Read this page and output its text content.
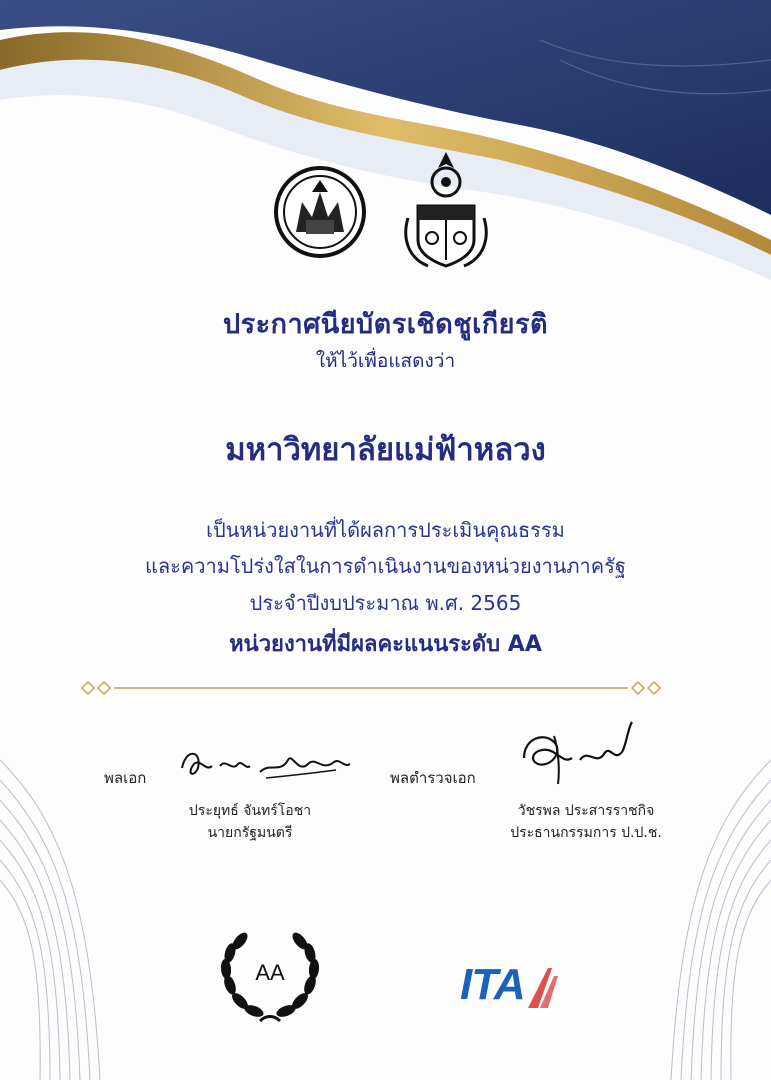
ประกาศนียบัตรเชิดชูเกียรติ
ให้ไว้เพื่อแสดงว่า
มหาวิทยาลัยแม่ฟ้าหลวง
เป็นหน่วยงานที่ได้ผลการประเมินคุณธรรม
และความโปร่งใสในการดำเนินงานของหน่วยงานภาครัฐ
ประจำปีงบประมาณ พ.ศ. 2565
หน่วยงานที่มีผลคะแนนระดับ AA
พลเอก	พลตำรวจเอก
ประยุทธ์ จันทร์โอชา
นายกรัฐมนตรี
วัชรพล ประสารราชกิจ
ประธานกรรมการ ป.ป.ช.
AA	ITA
